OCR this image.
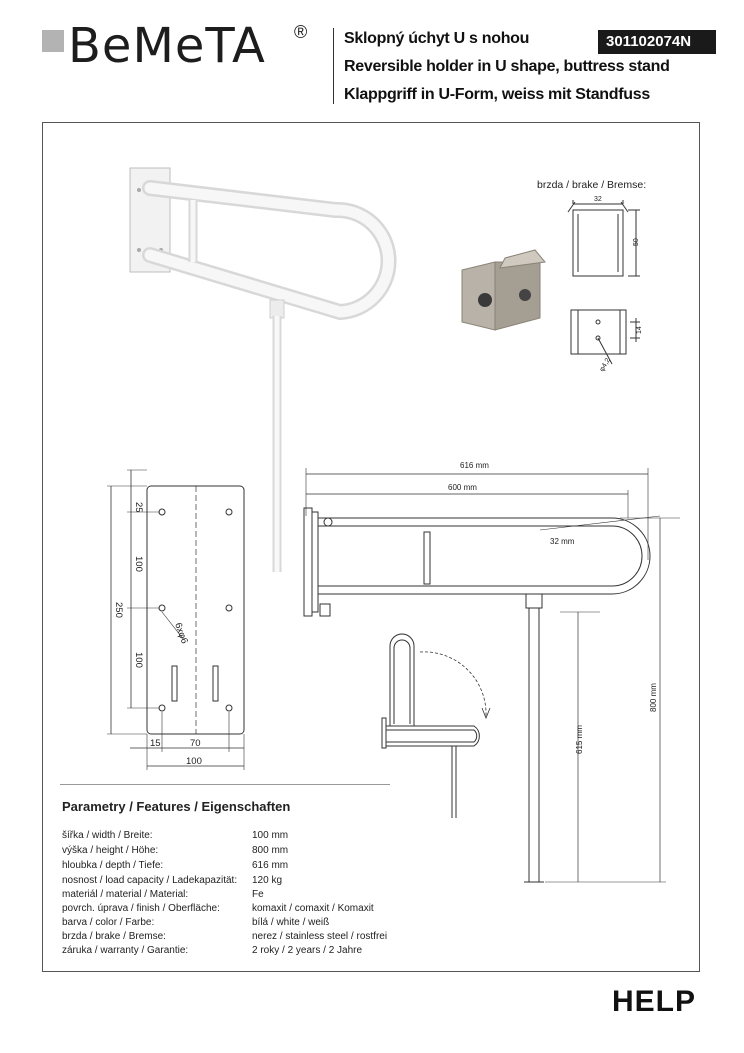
BeMeTA ® Sklopný úchyt U s nohou
Reversible holder in U shape, buttress stand
Klappgriff in U-Form, weiss mit Standfuss
301102074N
brzda / brake / Bremse:
32
50
14
φ4,2
25
100
100
250
6xφ6
15	70
100
616 mm
600 mm
32 mm
800 mm
615 mm
Parametry / Features / Eigenschaften
šířka / width / Breite:	100 mm
výška / height / Höhe:	800 mm
hloubka / depth / Tiefe:	616 mm
nosnost / load capacity / Ladekapazität: 120 kg
materiál / material / Material:	Fe
povrch. úprava / finish / Oberfläche:	komaxit / comaxit / Komaxit
barva / color / Farbe:	bílá / white / weiß
brzda / brake / Bremse:	nerez / stainless steel / rostfrei
záruka / warranty / Garantie:	2 roky / 2 years / 2 Jahre
HELP
